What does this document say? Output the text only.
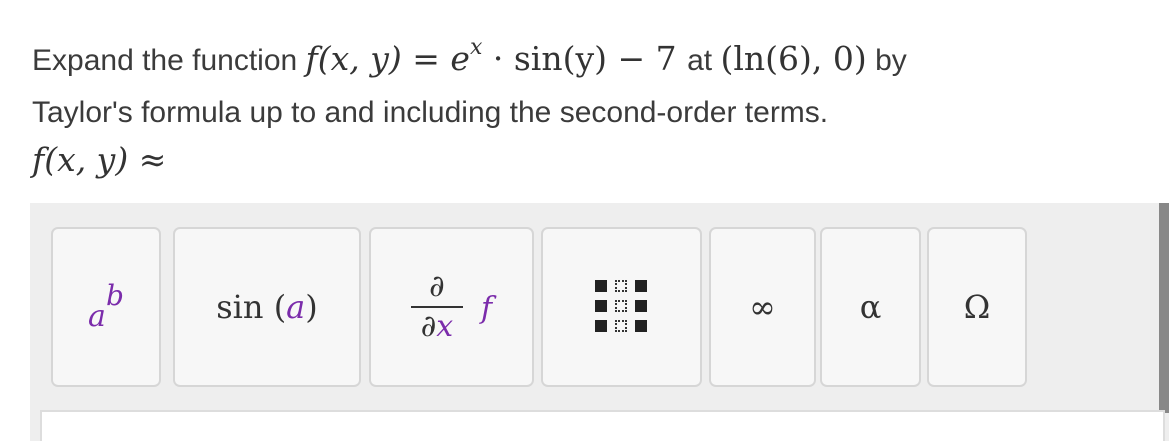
Expand the function f(x, $y) = e^x \cdot \sin(y) - 7$ at (ln(6), 0) by
Taylor's formula up to and including the second-order terms.
f(x, y) ≈
a
b	sin (a)	$\frac{\partial}{\partial x}$ f	∞	α	Ω
